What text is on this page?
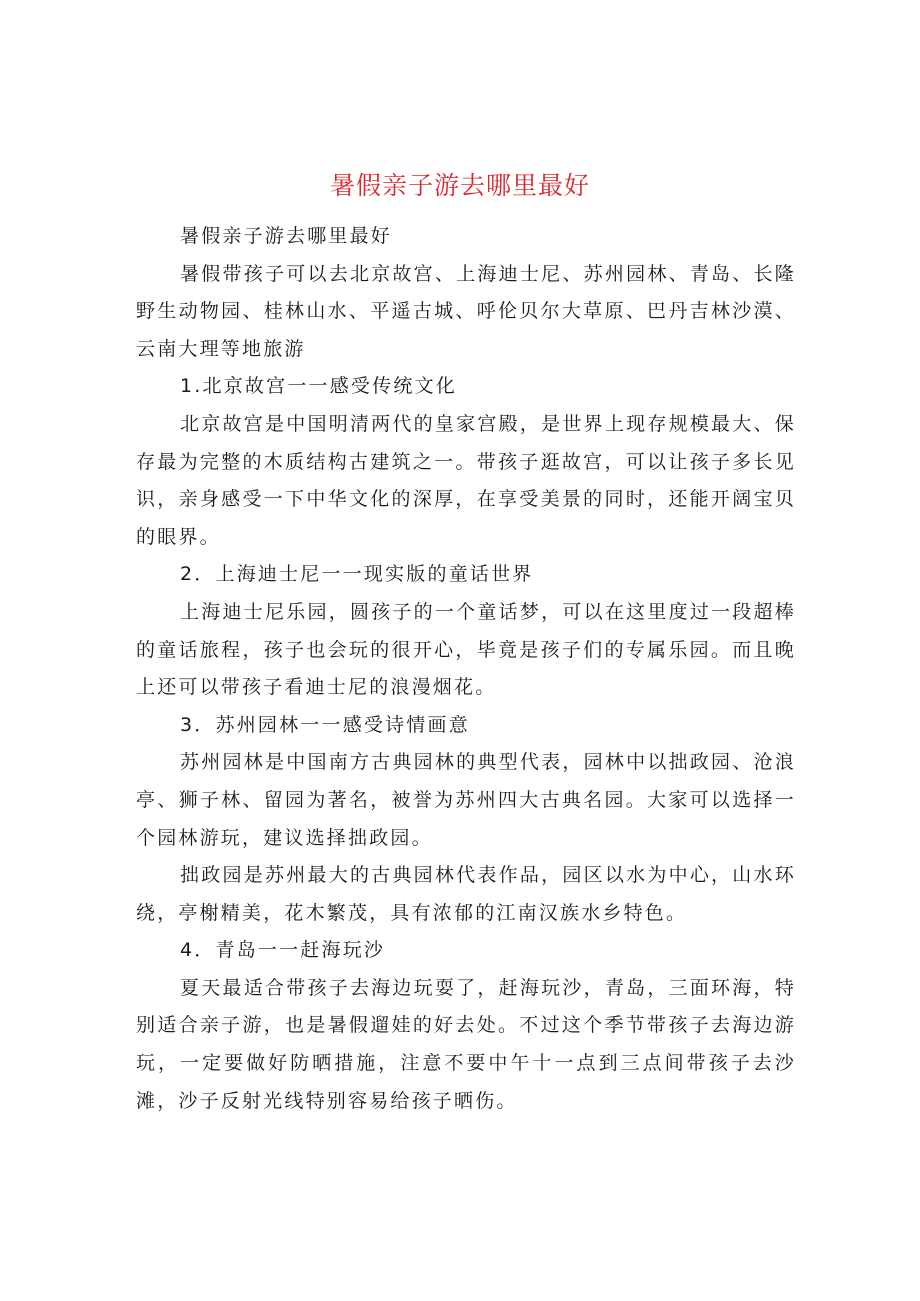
暑假亲子游去哪里最好

暑假亲子游去哪里最好

暑假带孩子可以去北京故宫、上海迪士尼、苏州园林、青岛、长隆野生动物园、桂林山水、平遥古城、呼伦贝尔大草原、巴丹吉林沙漠、云南大理等地旅游

1.北京故宫一一感受传统文化

北京故宫是中国明清两代的皇家宫殿，是世界上现存规模最大、保存最为完整的木质结构古建筑之一。带孩子逛故宫，可以让孩子多长见识，亲身感受一下中华文化的深厚，在享受美景的同时，还能开阔宝贝的眼界。

2．上海迪士尼一一现实版的童话世界

上海迪士尼乐园，圆孩子的一个童话梦，可以在这里度过一段超棒的童话旅程，孩子也会玩的很开心，毕竟是孩子们的专属乐园。而且晚上还可以带孩子看迪士尼的浪漫烟花。

3．苏州园林一一感受诗情画意

苏州园林是中国南方古典园林的典型代表，园林中以拙政园、沧浪亭、狮子林、留园为著名，被誉为苏州四大古典名园。大家可以选择一个园林游玩，建议选择拙政园。

拙政园是苏州最大的古典园林代表作品，园区以水为中心，山水环绕，亭榭精美，花木繁茂，具有浓郁的江南汉族水乡特色。

4．青岛一一赶海玩沙

夏天最适合带孩子去海边玩耍了，赶海玩沙，青岛，三面环海，特别适合亲子游，也是暑假遛娃的好去处。不过这个季节带孩子去海边游玩，一定要做好防晒措施，注意不要中午十一点到三点间带孩子去沙滩，沙子反射光线特别容易给孩子晒伤。
